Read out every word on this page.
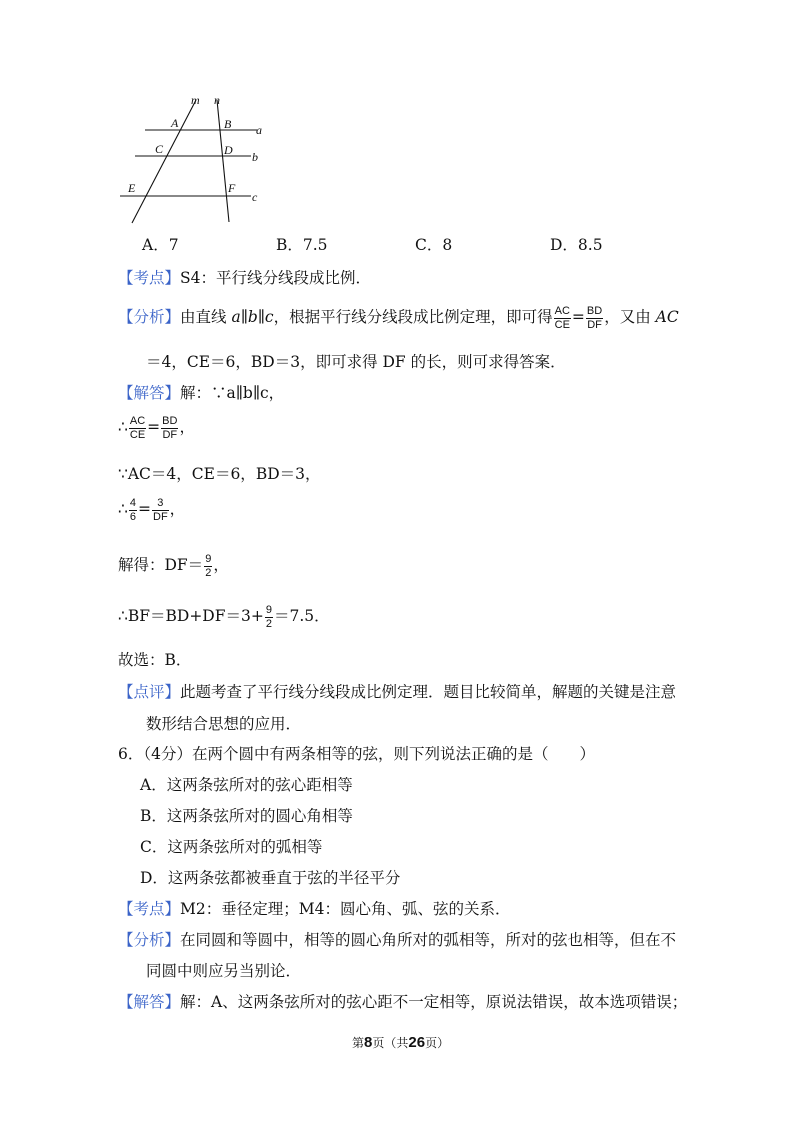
m n
a
b
c
A	B
C	D
E	F
A．7	B．7.5	C．8	D．8.5
【考点】S4：平行线分线段成比例．
【分析】由直线 a∥b∥c，根据平行线分线段成比例定理，即可得 $\frac{AC}{CE} = \frac{BD}{DF}$ ，又由 AC
＝4，CE＝6，BD＝3，即可求得 DF 的长，则可求得答案．
【解答】解：∵a∥b∥c，
∴ $\frac{AC}{CE} = \frac{BD}{DF}$ ，
∵AC＝4，CE＝6，BD＝3，
∴ $\frac{4}{6} = \frac{3}{DF}$ ，
解得：$DF= \frac{9}{2}$ ，
∴BF＝BD+DF＝3+ $\frac{9}{2} =7.5$．
故选：B．
【点评】此题考查了平行线分线段成比例定理．题目比较简单，解题的关键是注意
数形结合思想的应用．
6．（4分）在两个圆中有两条相等的弦，则下列说法正确的是（　　）
A．这两条弦所对的弦心距相等
B．这两条弦所对的圆心角相等
C．这两条弦所对的弧相等
D．这两条弦都被垂直于弦的半径平分
【考点】M2：垂径定理；M4：圆心角、弧、弦的关系．
【分析】在同圆和等圆中，相等的圆心角所对的弧相等，所对的弦也相等，但在不
同圆中则应另当别论．
【解答】解：A、这两条弦所对的弦心距不一定相等，原说法错误，故本选项错误；
第8页（共26页）
